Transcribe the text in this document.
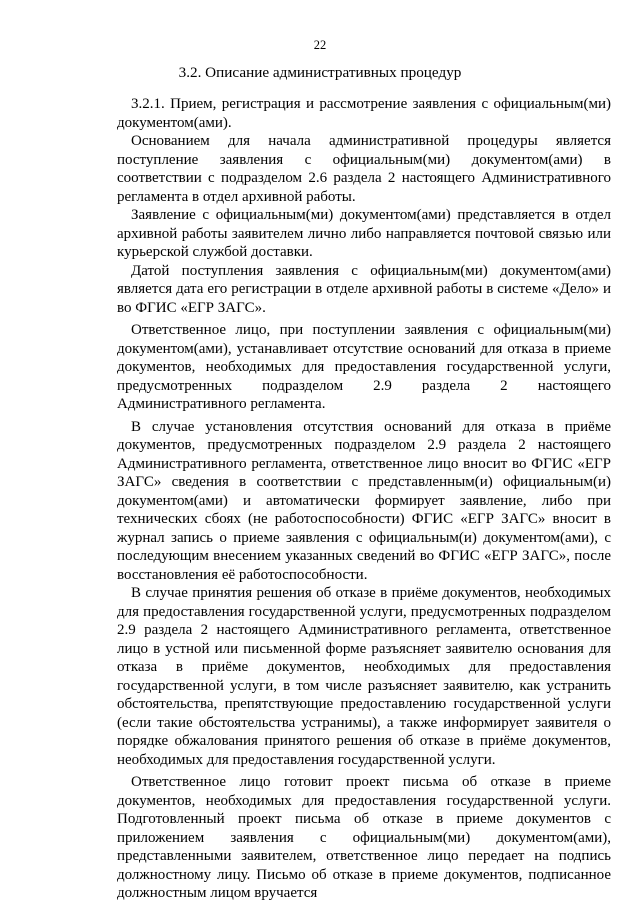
22
3.2. Описание административных процедур

3.2.1. Прием, регистрация и рассмотрение заявления с официальным(ми) документом(ами).

Основанием для начала административной процедуры является поступление заявления с официальным(ми) документом(ами) в соответствии с подразделом 2.6 раздела 2 настоящего Административного регламента в отдел архивной работы.

Заявление с официальным(ми) документом(ами) представляется в отдел архивной работы заявителем лично либо направляется почтовой связью или курьерской службой доставки.

Датой поступления заявления с официальным(ми) документом(ами) является дата его регистрации в отделе архивной работы в системе «Дело» и во ФГИС «ЕГР ЗАГС».

Ответственное лицо, при поступлении заявления с официальным(ми) документом(ами), устанавливает отсутствие оснований для отказа в приеме документов, необходимых для предоставления государственной услуги, предусмотренных подразделом 2.9 раздела 2 настоящего Административного регламента.

В случае установления отсутствия оснований для отказа в приёме документов, предусмотренных подразделом 2.9 раздела 2 настоящего Административного регламента, ответственное лицо вносит во ФГИС «ЕГР ЗАГС» сведения в соответствии с представленным(и) официальным(и) документом(ами) и автоматически формирует заявление, либо при технических сбоях (не работоспособности) ФГИС «ЕГР ЗАГС» вносит в журнал запись о приеме заявления с официальным(и) документом(ами), с последующим внесением указанных сведений во ФГИС «ЕГР ЗАГС», после восстановления её работоспособности.

В случае принятия решения об отказе в приёме документов, необходимых для предоставления государственной услуги, предусмотренных подразделом 2.9 раздела 2 настоящего Административного регламента, ответственное лицо в устной или письменной форме разъясняет заявителю основания для отказа в приёме документов, необходимых для предоставления государственной услуги, в том числе разъясняет заявителю, как устранить обстоятельства, препятствующие предоставлению государственной услуги (если такие обстоятельства устранимы), а также информирует заявителя о порядке обжалования принятого решения об отказе в приёме документов, необходимых для предоставления государственной услуги.

Ответственное лицо готовит проект письма об отказе в приеме документов, необходимых для предоставления государственной услуги. Подготовленный проект письма об отказе в приеме документов с приложением заявления с официальным(ми) документом(ами), представленными заявителем, ответственное лицо передает на подпись должностному лицу. Письмо об отказе в приеме документов, подписанное должностным лицом вручается
